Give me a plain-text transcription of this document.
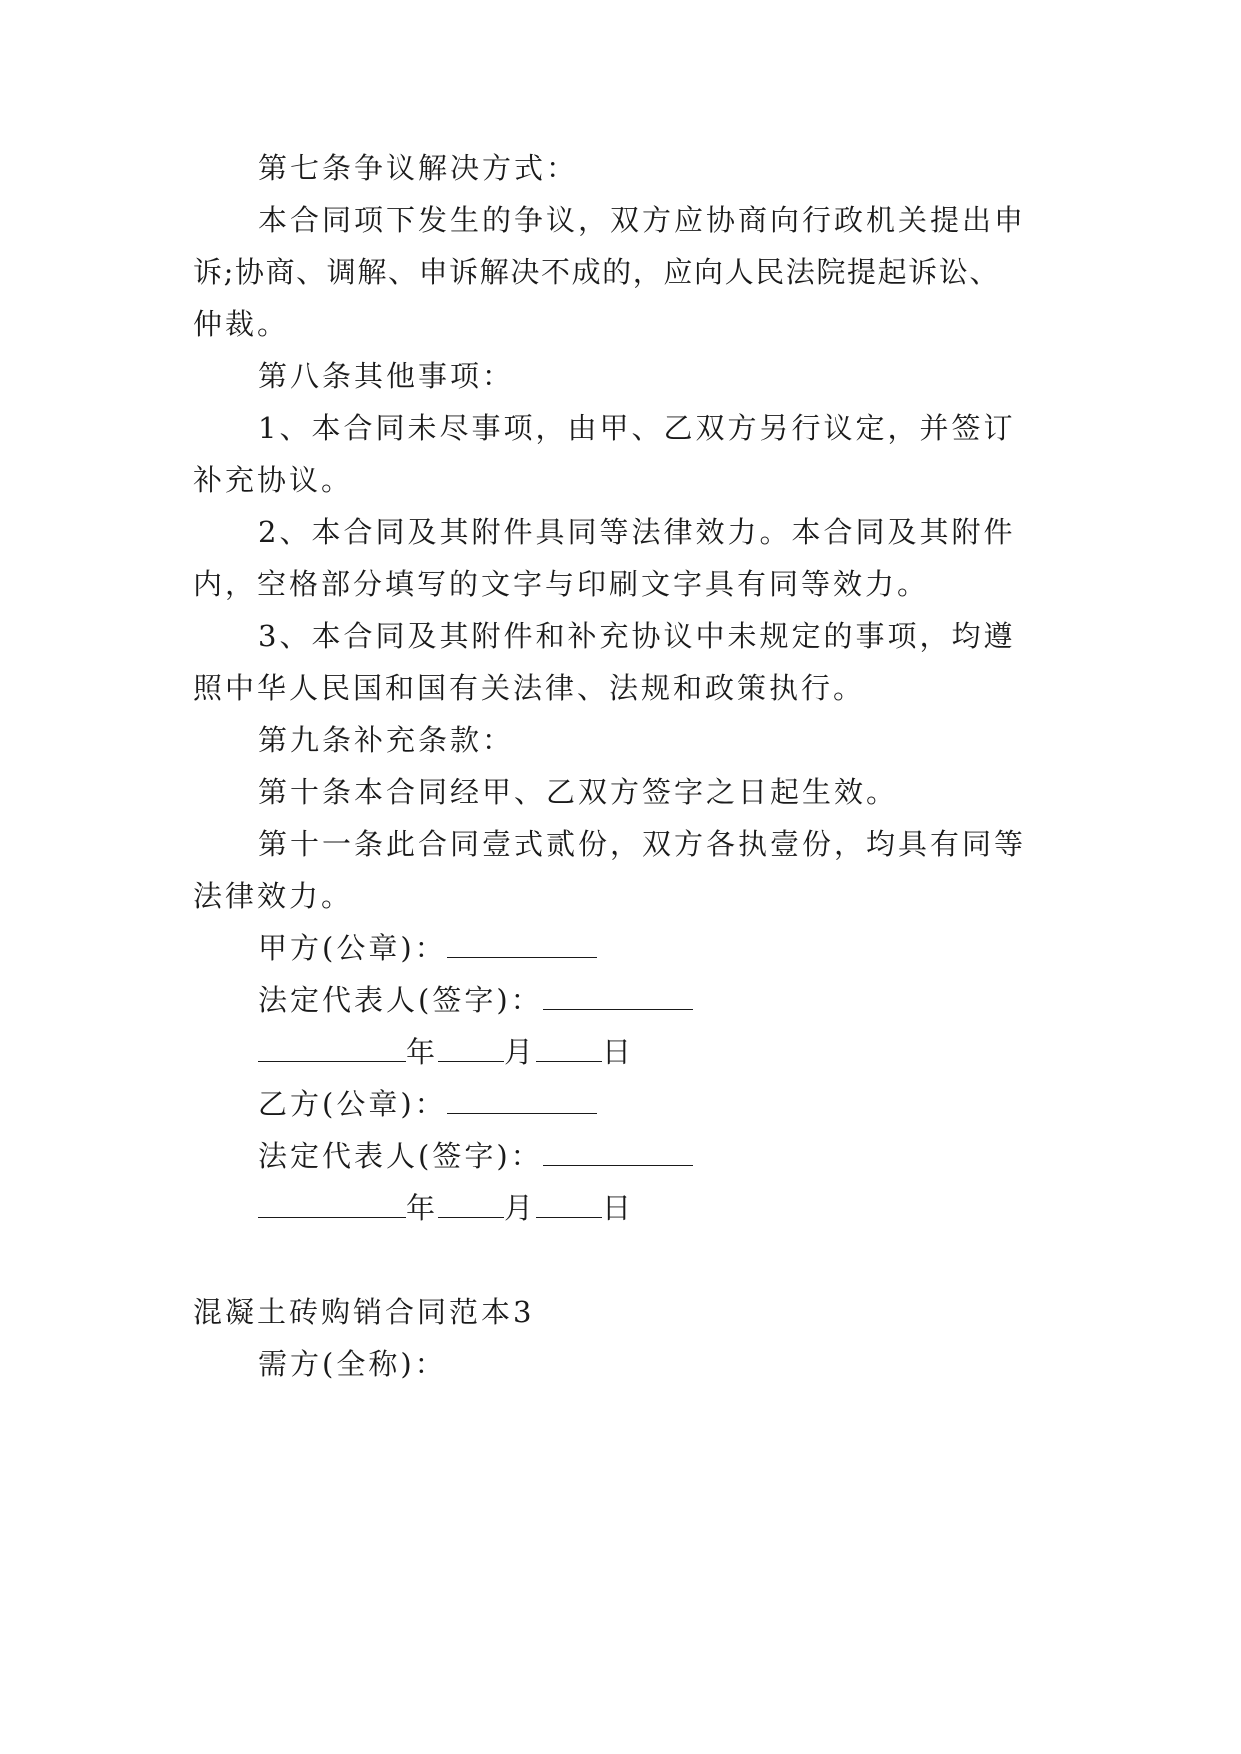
第七条争议解决方式：
本合同项下发生的争议，双方应协商向行政机关提出申
诉;协商、调解、申诉解决不成的，应向人民法院提起诉讼、
仲裁。
第八条其他事项：
1、本合同未尽事项，由甲、乙双方另行议定，并签订
补充协议。
2、本合同及其附件具同等法律效力。本合同及其附件
内，空格部分填写的文字与印刷文字具有同等效力。
3、本合同及其附件和补充协议中未规定的事项，均遵
照中华人民国和国有关法律、法规和政策执行。
第九条补充条款：
第十条本合同经甲、乙双方签字之日起生效。
第十一条此合同壹式贰份，双方各执壹份，均具有同等
法律效力。
甲方(公章)：
法定代表人(签字)：
年 月 日
乙方(公章)：
法定代表人(签字)：
年 月 日
混凝土砖购销合同范本3
需方(全称)：
